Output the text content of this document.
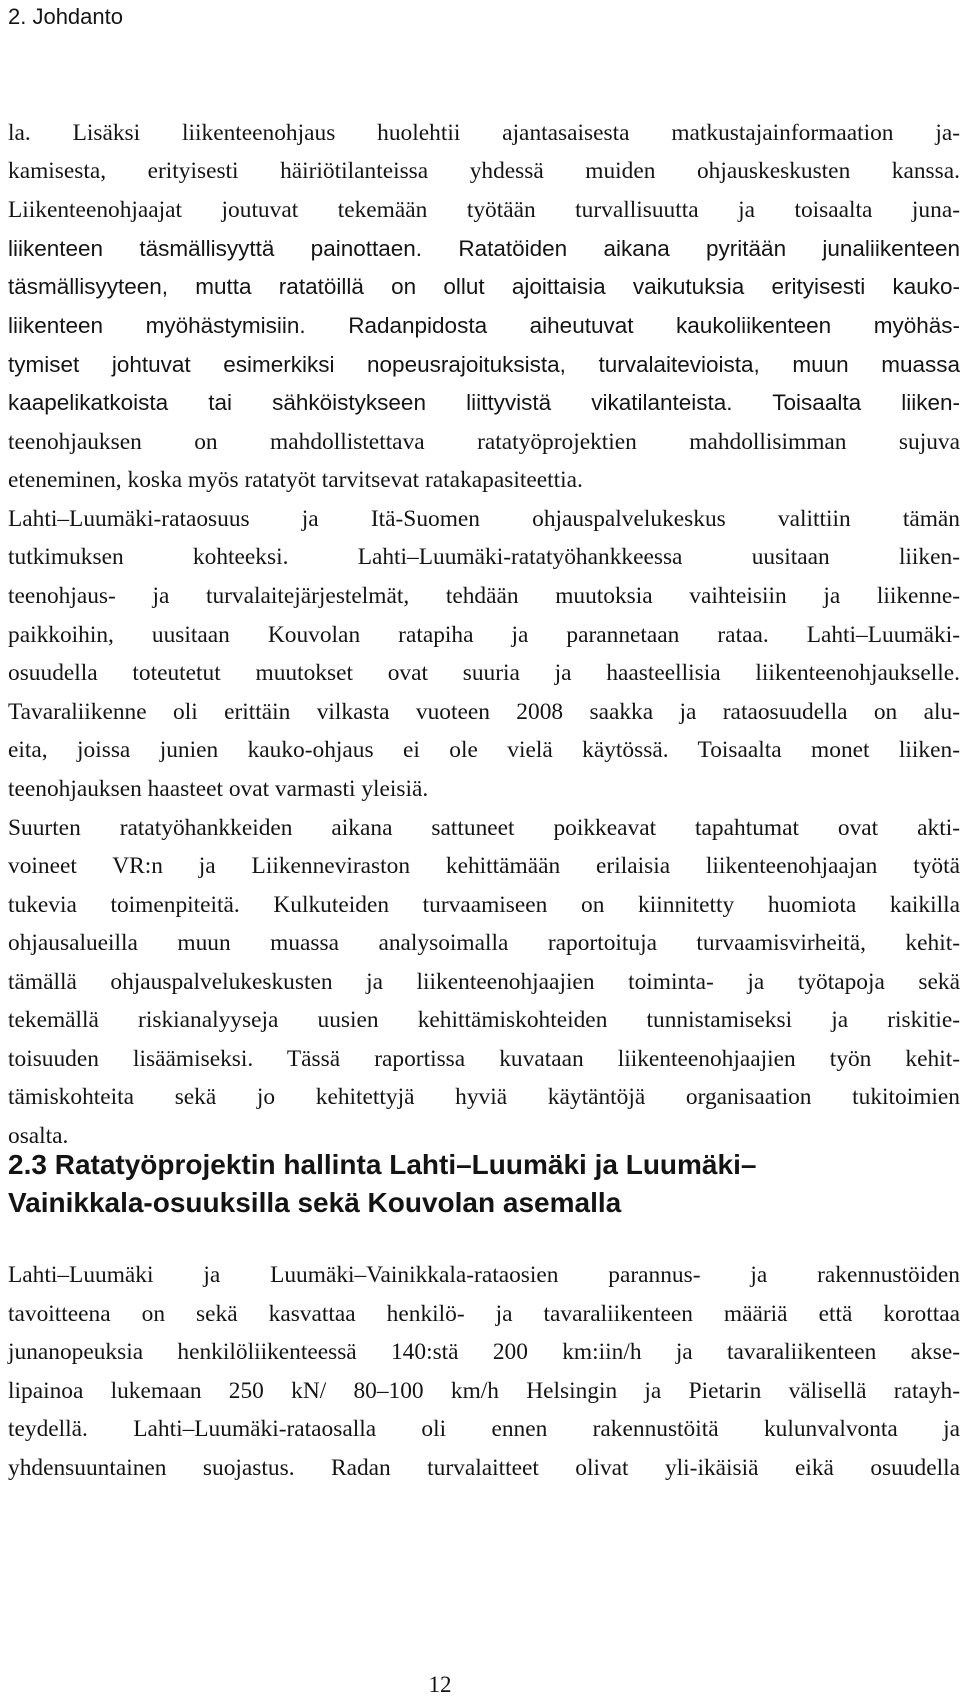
2. Johdanto

la. Lisäksi liikenteenohjaus huolehtii ajantasaisesta matkustajainformaation ja-

kamisesta, erityisesti häiriötilanteissa yhdessä muiden ohjauskeskusten kanssa.

Liikenteenohjaajat joutuvat tekemään työtään turvallisuutta ja toisaalta juna-

liikenteen täsmällisyyttä painottaen. Ratatöiden aikana pyritään junaliikenteen

täsmällisyyteen, mutta ratatöillä on ollut ajoittaisia vaikutuksia erityisesti kauko-

liikenteen myöhästymisiin. Radanpidosta aiheutuvat kaukoliikenteen myöhäs-

tymiset johtuvat esimerkiksi nopeusrajoituksista, turvalaitevioista, muun muassa

kaapelikatkoista tai sähköistykseen liittyvistä vikatilanteista. Toisaalta liiken-

teenohjauksen on mahdollistettava ratatyöprojektien mahdollisimman sujuva

eteneminen, koska myös ratatyöt tarvitsevat ratakapasiteettia.

Lahti–Luumäki-rataosuus ja Itä-Suomen ohjauspalvelukeskus valittiin tämän

tutkimuksen kohteeksi. Lahti–Luumäki-ratatyöhankkeessa uusitaan liiken-

teenohjaus- ja turvalaitejärjestelmät, tehdään muutoksia vaihteisiin ja liikenne-

paikkoihin, uusitaan Kouvolan ratapiha ja parannetaan rataa. Lahti–Luumäki-

osuudella toteutetut muutokset ovat suuria ja haasteellisia liikenteenohjaukselle.

Tavaraliikenne oli erittäin vilkasta vuoteen 2008 saakka ja rataosuudella on alu-

eita, joissa junien kauko-ohjaus ei ole vielä käytössä. Toisaalta monet liiken-

teenohjauksen haasteet ovat varmasti yleisiä.

Suurten ratatyöhankkeiden aikana sattuneet poikkeavat tapahtumat ovat akti-

voineet VR:n ja Liikenneviraston kehittämään erilaisia liikenteenohjaajan työtä

tukevia toimenpiteitä. Kulkuteiden turvaamiseen on kiinnitetty huomiota kaikilla

ohjausalueilla muun muassa analysoimalla raportoituja turvaamisvirheitä, kehit-

tämällä ohjauspalvelukeskusten ja liikenteenohjaajien toiminta- ja työtapoja sekä

tekemällä riskianalyyseja uusien kehittämiskohteiden tunnistamiseksi ja riskitie-

toisuuden lisäämiseksi. Tässä raportissa kuvataan liikenteenohjaajien työn kehit-

tämiskohteita sekä jo kehitettyjä hyviä käytäntöjä organisaation tukitoimien

osalta.

2.3 Ratatyöprojektin hallinta Lahti–Luumäki ja Luumäki–
Vainikkala-osuuksilla sekä Kouvolan asemalla

Lahti–Luumäki ja Luumäki–Vainikkala-rataosien parannus- ja rakennustöiden

tavoitteena on sekä kasvattaa henkilö- ja tavaraliikenteen määriä että korottaa

junanopeuksia henkilöliikenteessä 140:stä 200 km:iin/h ja tavaraliikenteen akse-

lipainoa lukemaan 250 kN/ 80–100 km/h Helsingin ja Pietarin välisellä ratayh-

teydellä. Lahti–Luumäki-rataosalla oli ennen rakennustöitä kulunvalvonta ja

yhdensuuntainen suojastus. Radan turvalaitteet olivat yli-ikäisiä eikä osuudella

12
